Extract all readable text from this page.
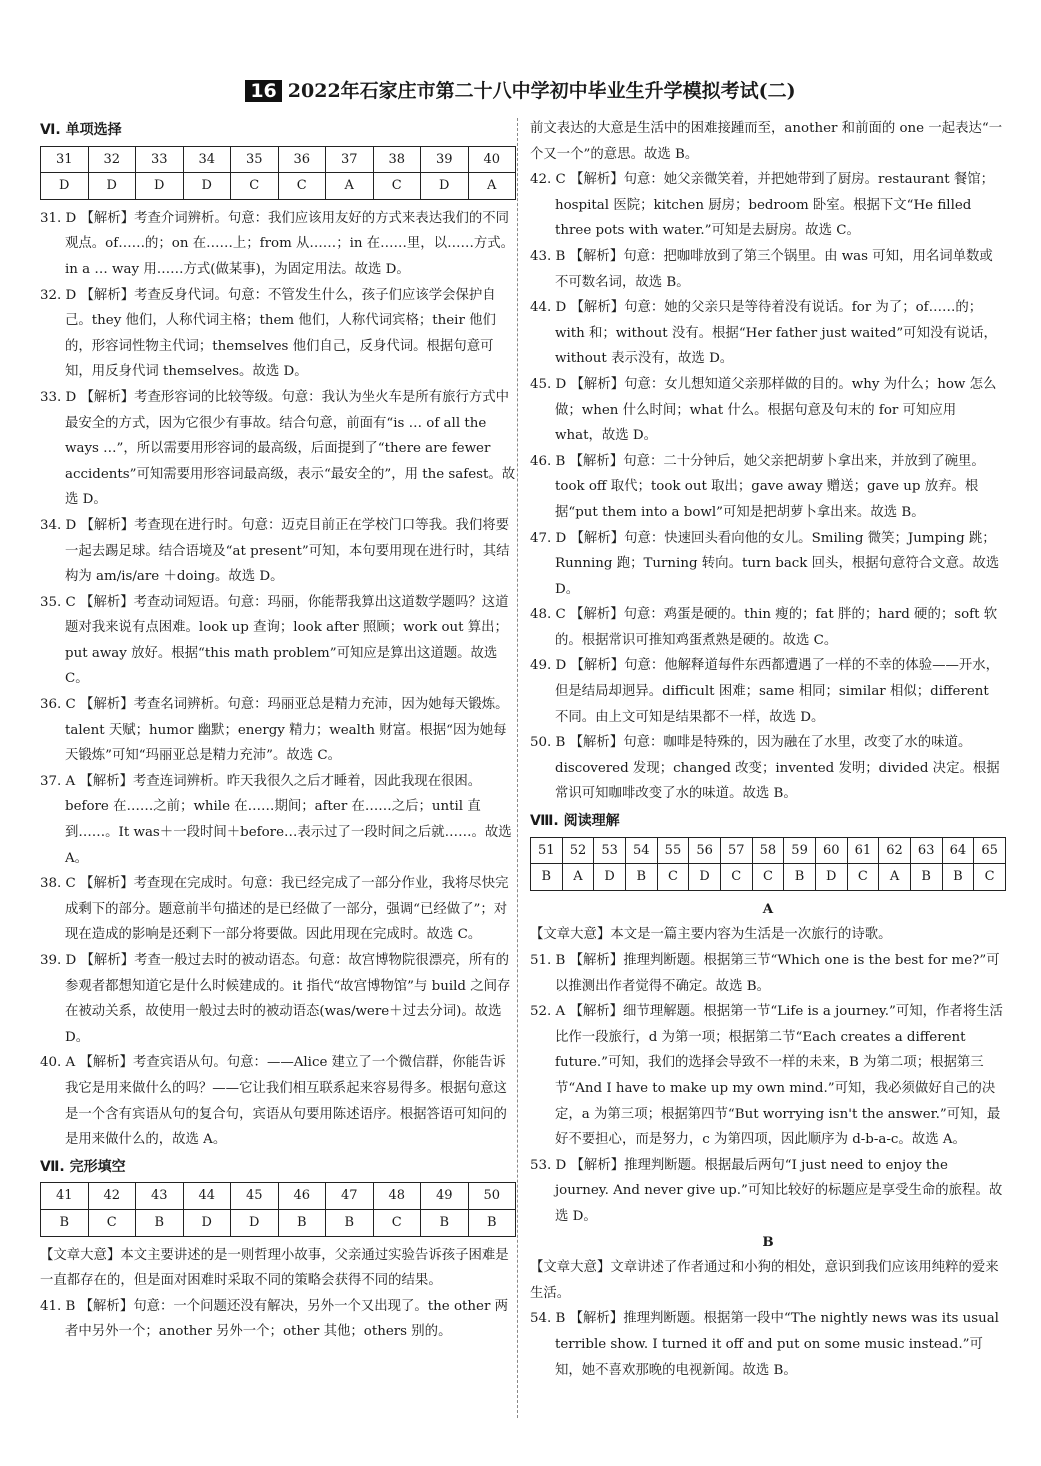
16 2022年石家庄市第二十八中学初中毕业生升学模拟考试(二)
Ⅵ. 单项选择
31	32	33	34	35	36	37	38	39	40
D	D	D	D	C	C	A	C	D	A

31. D 【解析】考查介词辨析。句意：我们应该用友好的方式来表达我们的不同观点。of……的；on 在……上；from 从……；in 在……里，以……方式。in a … way 用……方式(做某事)，为固定用法。故选 D。

32. D 【解析】考查反身代词。句意：不管发生什么，孩子们应该学会保护自己。they 他们，人称代词主格；them 他们，人称代词宾格；their 他们的，形容词性物主代词；themselves 他们自己，反身代词。根据句意可知，用反身代词 themselves。故选 D。

33. D 【解析】考查形容词的比较等级。句意：我认为坐火车是所有旅行方式中最安全的方式，因为它很少有事故。结合句意，前面有“is … of all the ways …”，所以需要用形容词的最高级，后面提到了“there are fewer accidents”可知需要用形容词最高级，表示“最安全的”，用 the safest。故选 D。

34. D 【解析】考查现在进行时。句意：迈克目前正在学校门口等我。我们将要一起去踢足球。结合语境及“at present”可知，本句要用现在进行时，其结构为 am/is/are ＋doing。故选 D。

35. C 【解析】考查动词短语。句意：玛丽，你能帮我算出这道数学题吗？这道题对我来说有点困难。look up 查询；look after 照顾；work out 算出；put away 放好。根据“this math problem”可知应是算出这道题。故选 C。

36. C 【解析】考查名词辨析。句意：玛丽亚总是精力充沛，因为她每天锻炼。talent 天赋；humor 幽默；energy 精力；wealth 财富。根据“因为她每天锻炼”可知“玛丽亚总是精力充沛”。故选 C。

37. A 【解析】考查连词辨析。昨天我很久之后才睡着，因此我现在很困。before 在……之前；while 在……期间；after 在……之后；until 直到……。It was＋一段时间＋before…表示过了一段时间之后就……。故选 A。

38. C 【解析】考查现在完成时。句意：我已经完成了一部分作业，我将尽快完成剩下的部分。题意前半句描述的是已经做了一部分，强调“已经做了”；对现在造成的影响是还剩下一部分将要做。因此用现在完成时。故选 C。

39. D 【解析】考查一般过去时的被动语态。句意：故宫博物院很漂亮，所有的参观者都想知道它是什么时候建成的。it 指代“故宫博物馆”与 build 之间存在被动关系，故使用一般过去时的被动语态(was/were＋过去分词)。故选 D。

40. A 【解析】考查宾语从句。句意：——Alice 建立了一个微信群，你能告诉我它是用来做什么的吗？——它让我们相互联系起来容易得多。根据句意这是一个含有宾语从句的复合句，宾语从句要用陈述语序。根据答语可知问的是用来做什么的，故选 A。

Ⅶ. 完形填空
41	42	43	44	45	46	47	48	49	50
B	C	B	D	D	B	B	C	B	B

【文章大意】本文主要讲述的是一则哲理小故事，父亲通过实验告诉孩子困难是一直都存在的，但是面对困难时采取不同的策略会获得不同的结果。

41. B 【解析】句意：一个问题还没有解决，另外一个又出现了。the other 两者中另外一个；another 另外一个；other 其他；others 别的。

前文表达的大意是生活中的困难接踵而至，another 和前面的 one 一起表达“一个又一个”的意思。故选 B。

42. C 【解析】句意：她父亲微笑着，并把她带到了厨房。restaurant 餐馆；hospital 医院；kitchen 厨房；bedroom 卧室。根据下文“He filled three pots with water.”可知是去厨房。故选 C。

43. B 【解析】句意：把咖啡放到了第三个锅里。由 was 可知，用名词单数或不可数名词，故选 B。

44. D 【解析】句意：她的父亲只是等待着没有说话。for 为了；of……的；with 和；without 没有。根据“Her father just waited”可知没有说话，without 表示没有，故选 D。

45. D 【解析】句意：女儿想知道父亲那样做的目的。why 为什么；how 怎么做；when 什么时间；what 什么。根据句意及句末的 for 可知应用 what，故选 D。

46. B 【解析】句意：二十分钟后，她父亲把胡萝卜拿出来，并放到了碗里。took off 取代；took out 取出；gave away 赠送；gave up 放弃。根据“put them into a bowl”可知是把胡萝卜拿出来。故选 B。

47. D 【解析】句意：快速回头看向他的女儿。Smiling 微笑；Jumping 跳；Running 跑；Turning 转向。turn back 回头，根据句意符合文意。故选 D。

48. C 【解析】句意：鸡蛋是硬的。thin 瘦的；fat 胖的；hard 硬的；soft 软的。根据常识可推知鸡蛋煮熟是硬的。故选 C。

49. D 【解析】句意：他解释道每件东西都遭遇了一样的不幸的体验——开水，但是结局却迥异。difficult 困难；same 相同；similar 相似；different 不同。由上文可知是结果都不一样，故选 D。

50. B 【解析】句意：咖啡是特殊的，因为融在了水里，改变了水的味道。discovered 发现；changed 改变；invented 发明；divided 决定。根据常识可知咖啡改变了水的味道。故选 B。

Ⅷ. 阅读理解
51	52	53	54	55	56	57	58	59	60	61	62	63	64	65
B	A	D	B	C	D	C	C	B	D	C	A	B	B	C

A

【文章大意】本文是一篇主要内容为生活是一次旅行的诗歌。

51. B 【解析】推理判断题。根据第三节“Which one is the best for me?”可以推测出作者觉得不确定。故选 B。

52. A 【解析】细节理解题。根据第一节“Life is a journey.”可知，作者将生活比作一段旅行，d 为第一项；根据第二节“Each creates a different future.”可知，我们的选择会导致不一样的未来，B 为第二项；根据第三节“And I have to make up my own mind.”可知，我必须做好自己的决定，a 为第三项；根据第四节“But worrying isn't the answer.”可知，最好不要担心，而是努力，c 为第四项，因此顺序为 d-b-a-c。故选 A。

53. D 【解析】推理判断题。根据最后两句“I just need to enjoy the journey. And never give up.”可知比较好的标题应是享受生命的旅程。故选 D。

B

【文章大意】文章讲述了作者通过和小狗的相处，意识到我们应该用纯粹的爱来生活。

54. B 【解析】推理判断题。根据第一段中“The nightly news was its usual terrible show. I turned it off and put on some music instead.”可知，她不喜欢那晚的电视新闻。故选 B。
